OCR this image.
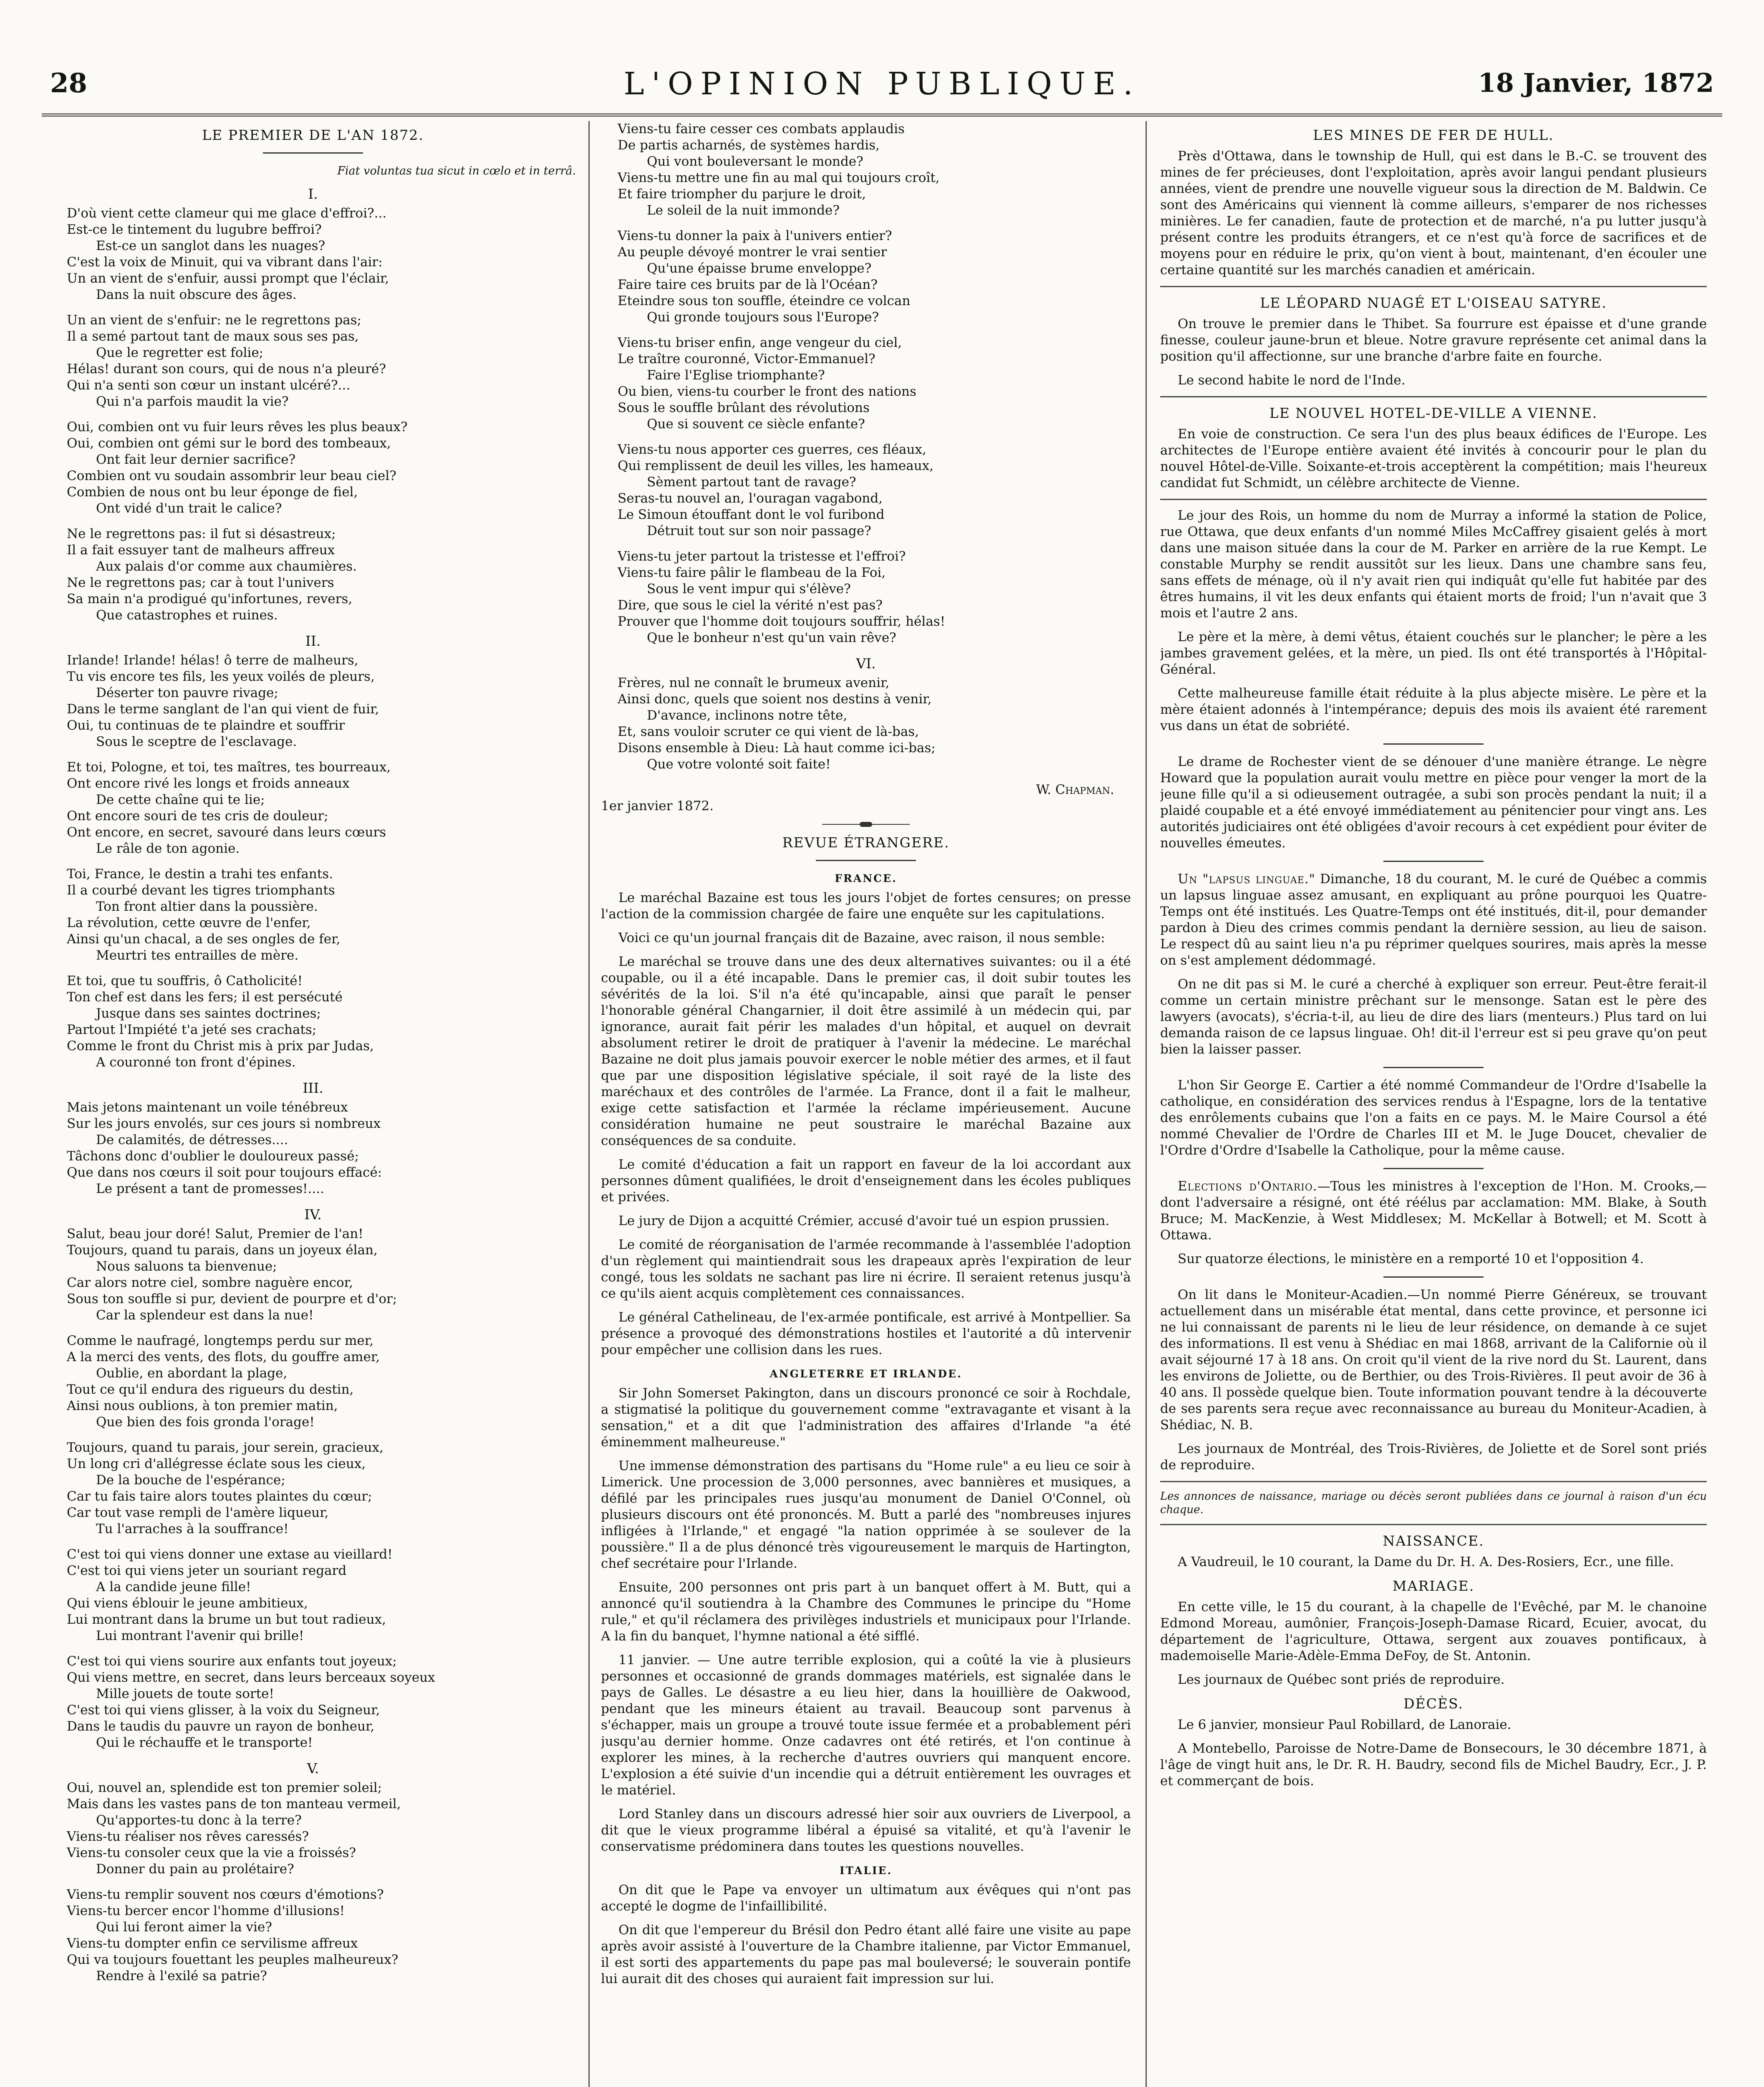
28	L'OPINION PUBLIQUE.	18 Janvier, 1872
LE PREMIER DE L'AN 1872.
Fiat voluntas tua sicut in cœlo et in terrâ.
I.
D'où vient cette clameur qui me glace d'effroi?...
Est-ce le tintement du lugubre beffroi?
Est-ce un sanglot dans les nuages?
C'est la voix de Minuit, qui va vibrant dans l'air:
Un an vient de s'enfuir, aussi prompt que l'éclair,
Dans la nuit obscure des âges.
Un an vient de s'enfuir: ne le regrettons pas;
Il a semé partout tant de maux sous ses pas,
Que le regretter est folie;
Hélas! durant son cours, qui de nous n'a pleuré?
Qui n'a senti son cœur un instant ulcéré?...
Qui n'a parfois maudit la vie?
Oui, combien ont vu fuir leurs rêves les plus beaux?
Oui, combien ont gémi sur le bord des tombeaux,
Ont fait leur dernier sacrifice?
Combien ont vu soudain assombrir leur beau ciel?
Combien de nous ont bu leur éponge de fiel,
Ont vidé d'un trait le calice?
Ne le regrettons pas: il fut si désastreux;
Il a fait essuyer tant de malheurs affreux
Aux palais d'or comme aux chaumières.
Ne le regrettons pas; car à tout l'univers
Sa main n'a prodigué qu'infortunes, revers,
Que catastrophes et ruines.
II.
Irlande! Irlande! hélas! ô terre de malheurs,
Tu vis encore tes fils, les yeux voilés de pleurs,
Déserter ton pauvre rivage;
Dans le terme sanglant de l'an qui vient de fuir,
Oui, tu continuas de te plaindre et souffrir
Sous le sceptre de l'esclavage.
Et toi, Pologne, et toi, tes maîtres, tes bourreaux,
Ont encore rivé les longs et froids anneaux
De cette chaîne qui te lie;
Ont encore souri de tes cris de douleur;
Ont encore, en secret, savouré dans leurs cœurs
Le râle de ton agonie.
Toi, France, le destin a trahi tes enfants.
Il a courbé devant les tigres triomphants
Ton front altier dans la poussière.
La révolution, cette œuvre de l'enfer,
Ainsi qu'un chacal, a de ses ongles de fer,
Meurtri tes entrailles de mère.
Et toi, que tu souffris, ô Catholicité!
Ton chef est dans les fers; il est persécuté
Jusque dans ses saintes doctrines;
Partout l'Impiété t'a jeté ses crachats;
Comme le front du Christ mis à prix par Judas,
A couronné ton front d'épines.
III.
Mais jetons maintenant un voile ténébreux
Sur les jours envolés, sur ces jours si nombreux
De calamités, de détresses....
Tâchons donc d'oublier le douloureux passé;
Que dans nos cœurs il soit pour toujours effacé:
Le présent a tant de promesses!....
IV.
Salut, beau jour doré! Salut, Premier de l'an!
Toujours, quand tu parais, dans un joyeux élan,
Nous saluons ta bienvenue;
Car alors notre ciel, sombre naguère encor,
Sous ton souffle si pur, devient de pourpre et d'or;
Car la splendeur est dans la nue!
Comme le naufragé, longtemps perdu sur mer,
A la merci des vents, des flots, du gouffre amer,
Oublie, en abordant la plage,
Tout ce qu'il endura des rigueurs du destin,
Ainsi nous oublions, à ton premier matin,
Que bien des fois gronda l'orage!
Toujours, quand tu parais, jour serein, gracieux,
Un long cri d'allégresse éclate sous les cieux,
De la bouche de l'espérance;
Car tu fais taire alors toutes plaintes du cœur;
Car tout vase rempli de l'amère liqueur,
Tu l'arraches à la souffrance!
C'est toi qui viens donner une extase au vieillard!
C'est toi qui viens jeter un souriant regard
A la candide jeune fille!
Qui viens éblouir le jeune ambitieux,
Lui montrant dans la brume un but tout radieux,
Lui montrant l'avenir qui brille!
C'est toi qui viens sourire aux enfants tout joyeux;
Qui viens mettre, en secret, dans leurs berceaux soyeux
Mille jouets de toute sorte!
C'est toi qui viens glisser, à la voix du Seigneur,
Dans le taudis du pauvre un rayon de bonheur,
Qui le réchauffe et le transporte!
V.
Oui, nouvel an, splendide est ton premier soleil;
Mais dans les vastes pans de ton manteau vermeil,
Qu'apportes-tu donc à la terre?
Viens-tu réaliser nos rêves caressés?
Viens-tu consoler ceux que la vie a froissés?
Donner du pain au prolétaire?
Viens-tu remplir souvent nos cœurs d'émotions?
Viens-tu bercer encor l'homme d'illusions!
Qui lui feront aimer la vie?
Viens-tu dompter enfin ce servilisme affreux
Qui va toujours fouettant les peuples malheureux?
Rendre à l'exilé sa patrie?
Viens-tu faire cesser ces combats applaudis
De partis acharnés, de systèmes hardis,
Qui vont bouleversant le monde?
Viens-tu mettre une fin au mal qui toujours croît,
Et faire triompher du parjure le droit,
Le soleil de la nuit immonde?
Viens-tu donner la paix à l'univers entier?
Au peuple dévoyé montrer le vrai sentier
Qu'une épaisse brume enveloppe?
Faire taire ces bruits par de là l'Océan?
Eteindre sous ton souffle, éteindre ce volcan
Qui gronde toujours sous l'Europe?
Viens-tu briser enfin, ange vengeur du ciel,
Le traître couronné, Victor-Emmanuel?
Faire l'Eglise triomphante?
Ou bien, viens-tu courber le front des nations
Sous le souffle brûlant des révolutions
Que si souvent ce siècle enfante?
Viens-tu nous apporter ces guerres, ces fléaux,
Qui remplissent de deuil les villes, les hameaux,
Sèment partout tant de ravage?
Seras-tu nouvel an, l'ouragan vagabond,
Le Simoun étouffant dont le vol furibond
Détruit tout sur son noir passage?
Viens-tu jeter partout la tristesse et l'effroi?
Viens-tu faire pâlir le flambeau de la Foi,
Sous le vent impur qui s'élève?
Dire, que sous le ciel la vérité n'est pas?
Prouver que l'homme doit toujours souffrir, hélas!
Que le bonheur n'est qu'un vain rêve?
VI.
Frères, nul ne connaît le brumeux avenir,
Ainsi donc, quels que soient nos destins à venir,
D'avance, inclinons notre tête,
Et, sans vouloir scruter ce qui vient de là-bas,
Disons ensemble à Dieu: Là haut comme ici-bas;
Que votre volonté soit faite!
W. Chapman.
1er janvier 1872.
REVUE ÉTRANGERE.
FRANCE.

Le maréchal Bazaine est tous les jours l'objet de fortes censures; on presse l'action de la commission chargée de faire une enquête sur les capitulations.

Voici ce qu'un journal français dit de Bazaine, avec raison, il nous semble:

Le maréchal se trouve dans une des deux alternatives suivantes: ou il a été coupable, ou il a été incapable. Dans le premier cas, il doit subir toutes les sévérités de la loi. S'il n'a été qu'incapable, ainsi que paraît le penser l'honorable général Changarnier, il doit être assimilé à un médecin qui, par ignorance, aurait fait périr les malades d'un hôpital, et auquel on devrait absolument retirer le droit de pratiquer à l'avenir la médecine. Le maréchal Bazaine ne doit plus jamais pouvoir exercer le noble métier des armes, et il faut que par une disposition législative spéciale, il soit rayé de la liste des maréchaux et des contrôles de l'armée. La France, dont il a fait le malheur, exige cette satisfaction et l'armée la réclame impérieusement. Aucune considération humaine ne peut soustraire le maréchal Bazaine aux conséquences de sa conduite.

Le comité d'éducation a fait un rapport en faveur de la loi accordant aux personnes dûment qualifiées, le droit d'enseignement dans les écoles publiques et privées.

Le jury de Dijon a acquitté Crémier, accusé d'avoir tué un espion prussien.

Le comité de réorganisation de l'armée recommande à l'assemblée l'adoption d'un règlement qui maintiendrait sous les drapeaux après l'expiration de leur congé, tous les soldats ne sachant pas lire ni écrire. Il seraient retenus jusqu'à ce qu'ils aient acquis complètement ces connaissances.

Le général Cathelineau, de l'ex-armée pontificale, est arrivé à Montpellier. Sa présence a provoqué des démonstrations hostiles et l'autorité a dû intervenir pour empêcher une collision dans les rues.

ANGLETERRE ET IRLANDE.

Sir John Somerset Pakington, dans un discours prononcé ce soir à Rochdale, a stigmatisé la politique du gouvernement comme "extravagante et visant à la sensation," et a dit que l'administration des affaires d'Irlande "a été éminemment malheureuse."

Une immense démonstration des partisans du "Home rule" a eu lieu ce soir à Limerick. Une procession de 3,000 personnes, avec bannières et musiques, a défilé par les principales rues jusqu'au monument de Daniel O'Connel, où plusieurs discours ont été prononcés. M. Butt a parlé des "nombreuses injures infligées à l'Irlande," et engagé "la nation opprimée à se soulever de la poussière." Il a de plus dénoncé très vigoureusement le marquis de Hartington, chef secrétaire pour l'Irlande.

Ensuite, 200 personnes ont pris part à un banquet offert à M. Butt, qui a annoncé qu'il soutiendra à la Chambre des Communes le principe du "Home rule," et qu'il réclamera des privilèges industriels et municipaux pour l'Irlande. A la fin du banquet, l'hymne national a été sifflé.

11 janvier. — Une autre terrible explosion, qui a coûté la vie à plusieurs personnes et occasionné de grands dommages matériels, est signalée dans le pays de Galles. Le désastre a eu lieu hier, dans la houillière de Oakwood, pendant que les mineurs étaient au travail. Beaucoup sont parvenus à s'échapper, mais un groupe a trouvé toute issue fermée et a probablement péri jusqu'au dernier homme. Onze cadavres ont été retirés, et l'on continue à explorer les mines, à la recherche d'autres ouvriers qui manquent encore. L'explosion a été suivie d'un incendie qui a détruit entièrement les ouvrages et le matériel.

Lord Stanley dans un discours adressé hier soir aux ouvriers de Liverpool, a dit que le vieux programme libéral a épuisé sa vitalité, et qu'à l'avenir le conservatisme prédominera dans toutes les questions nouvelles.

ITALIE.

On dit que le Pape va envoyer un ultimatum aux évêques qui n'ont pas accepté le dogme de l'infaillibilité.

On dit que l'empereur du Brésil don Pedro étant allé faire une visite au pape après avoir assisté à l'ouverture de la Chambre italienne, par Victor Emmanuel, il est sorti des appartements du pape pas mal bouleversé; le souverain pontife lui aurait dit des choses qui auraient fait impression sur lui.

LES MINES DE FER DE HULL.

Près d'Ottawa, dans le township de Hull, qui est dans le B.-C. se trouvent des mines de fer précieuses, dont l'exploitation, après avoir langui pendant plusieurs années, vient de prendre une nouvelle vigueur sous la direction de M. Baldwin. Ce sont des Américains qui viennent là comme ailleurs, s'emparer de nos richesses minières. Le fer canadien, faute de protection et de marché, n'a pu lutter jusqu'à présent contre les produits étrangers, et ce n'est qu'à force de sacrifices et de moyens pour en réduire le prix, qu'on vient à bout, maintenant, d'en écouler une certaine quantité sur les marchés canadien et américain.

LE LÉOPARD NUAGÉ ET L'OISEAU SATYRE.

On trouve le premier dans le Thibet. Sa fourrure est épaisse et d'une grande finesse, couleur jaune-brun et bleue. Notre gravure représente cet animal dans la position qu'il affectionne, sur une branche d'arbre faite en fourche.

Le second habite le nord de l'Inde.

LE NOUVEL HOTEL-DE-VILLE A VIENNE.

En voie de construction. Ce sera l'un des plus beaux édifices de l'Europe. Les architectes de l'Europe entière avaient été invités à concourir pour le plan du nouvel Hôtel-de-Ville. Soixante-et-trois acceptèrent la compétition; mais l'heureux candidat fut Schmidt, un célèbre architecte de Vienne.

Le jour des Rois, un homme du nom de Murray a informé la station de Police, rue Ottawa, que deux enfants d'un nommé Miles McCaffrey gisaient gelés à mort dans une maison située dans la cour de M. Parker en arrière de la rue Kempt. Le constable Murphy se rendit aussitôt sur les lieux. Dans une chambre sans feu, sans effets de ménage, où il n'y avait rien qui indiquât qu'elle fut habitée par des êtres humains, il vit les deux enfants qui étaient morts de froid; l'un n'avait que 3 mois et l'autre 2 ans.

Le père et la mère, à demi vêtus, étaient couchés sur le plancher; le père a les jambes gravement gelées, et la mère, un pied. Ils ont été transportés à l'Hôpital-Général.

Cette malheureuse famille était réduite à la plus abjecte misère. Le père et la mère étaient adonnés à l'intempérance; depuis des mois ils avaient été rarement vus dans un état de sobriété.

Le drame de Rochester vient de se dénouer d'une manière étrange. Le nègre Howard que la population aurait voulu mettre en pièce pour venger la mort de la jeune fille qu'il a si odieusement outragée, a subi son procès pendant la nuit; il a plaidé coupable et a été envoyé immédiatement au pénitencier pour vingt ans. Les autorités judiciaires ont été obligées d'avoir recours à cet expédient pour éviter de nouvelles émeutes.

Un "lapsus linguae." Dimanche, 18 du courant, M. le curé de Québec a commis un lapsus linguae assez amusant, en expliquant au prône pourquoi les Quatre-Temps ont été institués. Les Quatre-Temps ont été institués, dit-il, pour demander pardon à Dieu des crimes commis pendant la dernière session, au lieu de saison. Le respect dû au saint lieu n'a pu réprimer quelques sourires, mais après la messe on s'est amplement dédommagé.

On ne dit pas si M. le curé a cherché à expliquer son erreur. Peut-être ferait-il comme un certain ministre prêchant sur le mensonge. Satan est le père des lawyers (avocats), s'écria-t-il, au lieu de dire des liars (menteurs.) Plus tard on lui demanda raison de ce lapsus linguae. Oh! dit-il l'erreur est si peu grave qu'on peut bien la laisser passer.

L'hon Sir George E. Cartier a été nommé Commandeur de l'Ordre d'Isabelle la catholique, en considération des services rendus à l'Espagne, lors de la tentative des enrôlements cubains que l'on a faits en ce pays. M. le Maire Coursol a été nommé Chevalier de l'Ordre de Charles III et M. le Juge Doucet, chevalier de l'Ordre d'Ordre d'Isabelle la Catholique, pour la même cause.

Elections d'Ontario.—Tous les ministres à l'exception de l'Hon. M. Crooks,—dont l'adversaire a résigné, ont été réélus par acclamation: MM. Blake, à South Bruce; M. MacKenzie, à West Middlesex; M. McKellar à Botwell; et M. Scott à Ottawa.

Sur quatorze élections, le ministère en a remporté 10 et l'opposition 4.

On lit dans le Moniteur-Acadien.—Un nommé Pierre Généreux, se trouvant actuellement dans un misérable état mental, dans cette province, et personne ici ne lui connaissant de parents ni le lieu de leur résidence, on demande à ce sujet des informations. Il est venu à Shédiac en mai 1868, arrivant de la Californie où il avait séjourné 17 à 18 ans. On croit qu'il vient de la rive nord du St. Laurent, dans les environs de Joliette, ou de Berthier, ou des Trois-Rivières. Il peut avoir de 36 à 40 ans. Il possède quelque bien. Toute information pouvant tendre à la découverte de ses parents sera reçue avec reconnaissance au bureau du Moniteur-Acadien, à Shédiac, N. B.

Les journaux de Montréal, des Trois-Rivières, de Joliette et de Sorel sont priés de reproduire.

Les annonces de naissance, mariage ou décès seront publiées dans ce journal à raison d'un écu chaque.
NAISSANCE.

A Vaudreuil, le 10 courant, la Dame du Dr. H. A. Des-Rosiers, Ecr., une fille.

MARIAGE.

En cette ville, le 15 du courant, à la chapelle de l'Evêché, par M. le chanoine Edmond Moreau, aumônier, François-Joseph-Damase Ricard, Ecuier, avocat, du département de l'agriculture, Ottawa, sergent aux zouaves pontificaux, à mademoiselle Marie-Adèle-Emma DeFoy, de St. Antonin.

Les journaux de Québec sont priés de reproduire.

DÉCÈS.

Le 6 janvier, monsieur Paul Robillard, de Lanoraie.

A Montebello, Paroisse de Notre-Dame de Bonsecours, le 30 décembre 1871, à l'âge de vingt huit ans, le Dr. R. H. Baudry, second fils de Michel Baudry, Ecr., J. P. et commerçant de bois.
